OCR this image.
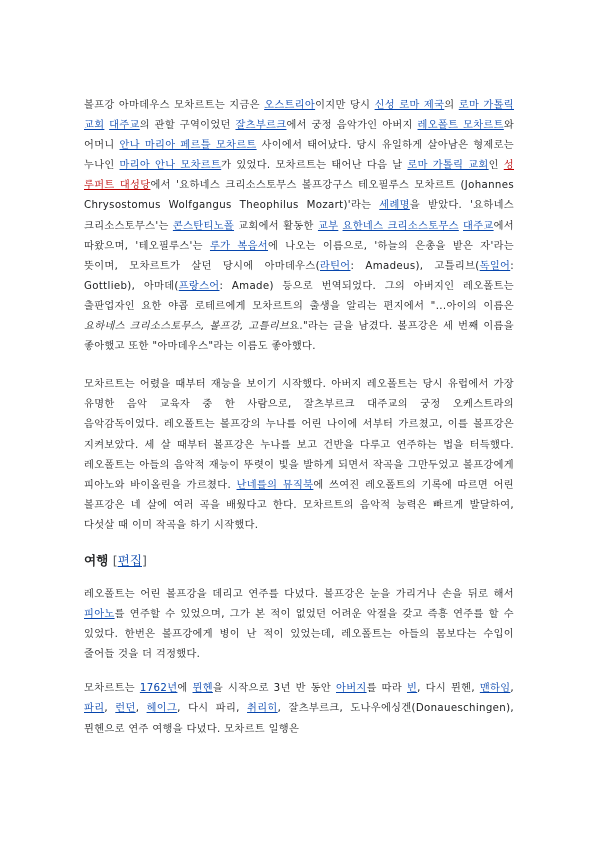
볼프강 아마데우스 모차르트는 지금은 오스트리아이지만 당시 신성 로마 제국의 로마 가톨릭 교회 대주교의 관할 구역이었던 잘츠부르크에서 궁정 음악가인 아버지 레오폴트 모차르트와 어머니 안나 마리아 페르틀 모차르트 사이에서 태어났다. 당시 유일하게 살아남은 형제로는 누나인 마리아 안나 모차르트가 있었다. 모차르트는 태어난 다음 날 로마 가톨릭 교회인 성 루퍼트 대성당에서 '요하네스 크리소스토무스 볼프강구스 테오필루스 모차르트 (Johannes Chrysostomus Wolfgangus Theophilus Mozart)'라는 세례명을 받았다. '요하네스 크리소스토무스'는 콘스탄티노폴 교회에서 활동한 교부 요한네스 크리소스토무스 대주교에서 따왔으며, '테오필루스'는 루가 복음서에 나오는 이름으로, '하늘의 은총을 받은 자'라는 뜻이며, 모차르트가 살던 당시에 아마데우스(라틴어: Amadeus), 고틀리브(독일어: Gottlieb), 아마데(프랑스어: Amade) 등으로 번역되었다. 그의 아버지인 레오폴트는 출판업자인 요한 야콥 로테르에게 모차르트의 출생을 알리는 편지에서 "...아이의 이름은 요하네스 크리소스토무스, 볼프강, 고틀리브요."라는 글을 남겼다. 볼프강은 세 번째 이름을 좋아했고 또한 "아마데우스"라는 이름도 좋아했다.

모차르트는 어렸을 때부터 재능을 보이기 시작했다. 아버지 레오폴트는 당시 유럽에서 가장 유명한 음악 교육자 중 한 사람으로, 잘츠부르크 대주교의 궁정 오케스트라의 음악감독이었다. 레오폴트는 볼프강의 누나를 어린 나이에 서부터 가르쳤고, 이를 볼프강은 지켜보았다. 세 살 때부터 볼프강은 누나를 보고 건반을 다루고 연주하는 법을 터득했다. 레오폴트는 아들의 음악적 재능이 뚜렷이 빛을 발하게 되면서 작곡을 그만두었고 볼프강에게 피아노와 바이올린을 가르쳤다. 난네를의 뮤직북에 쓰여진 레오폴트의 기록에 따르면 어린 볼프강은 네 살에 여러 곡을 배웠다고 한다. 모차르트의 음악적 능력은 빠르게 발달하여, 다섯살 때 이미 작곡을 하기 시작했다.

여행 [편집]

레오폴트는 어린 볼프강을 데리고 연주를 다녔다. 볼프강은 눈을 가리거나 손을 뒤로 해서 피아노를 연주할 수 있었으며, 그가 본 적이 없었던 어려운 악절을 갖고 즉흥 연주를 할 수 있었다. 한번은 볼프강에게 병이 난 적이 있었는데, 레오폴트는 아들의 몸보다는 수입이 줄어들 것을 더 걱정했다.

모차르트는 1762년에 뮌헨을 시작으로 3년 반 동안 아버지를 따라 빈, 다시 뮌헨, 맨하임, 파리, 런던, 헤이그, 다시 파리, 취리히, 잘츠부르크, 도나우에싱겐(Donaueschingen), 뮌헨으로 연주 여행을 다녔다. 모차르트 일행은
